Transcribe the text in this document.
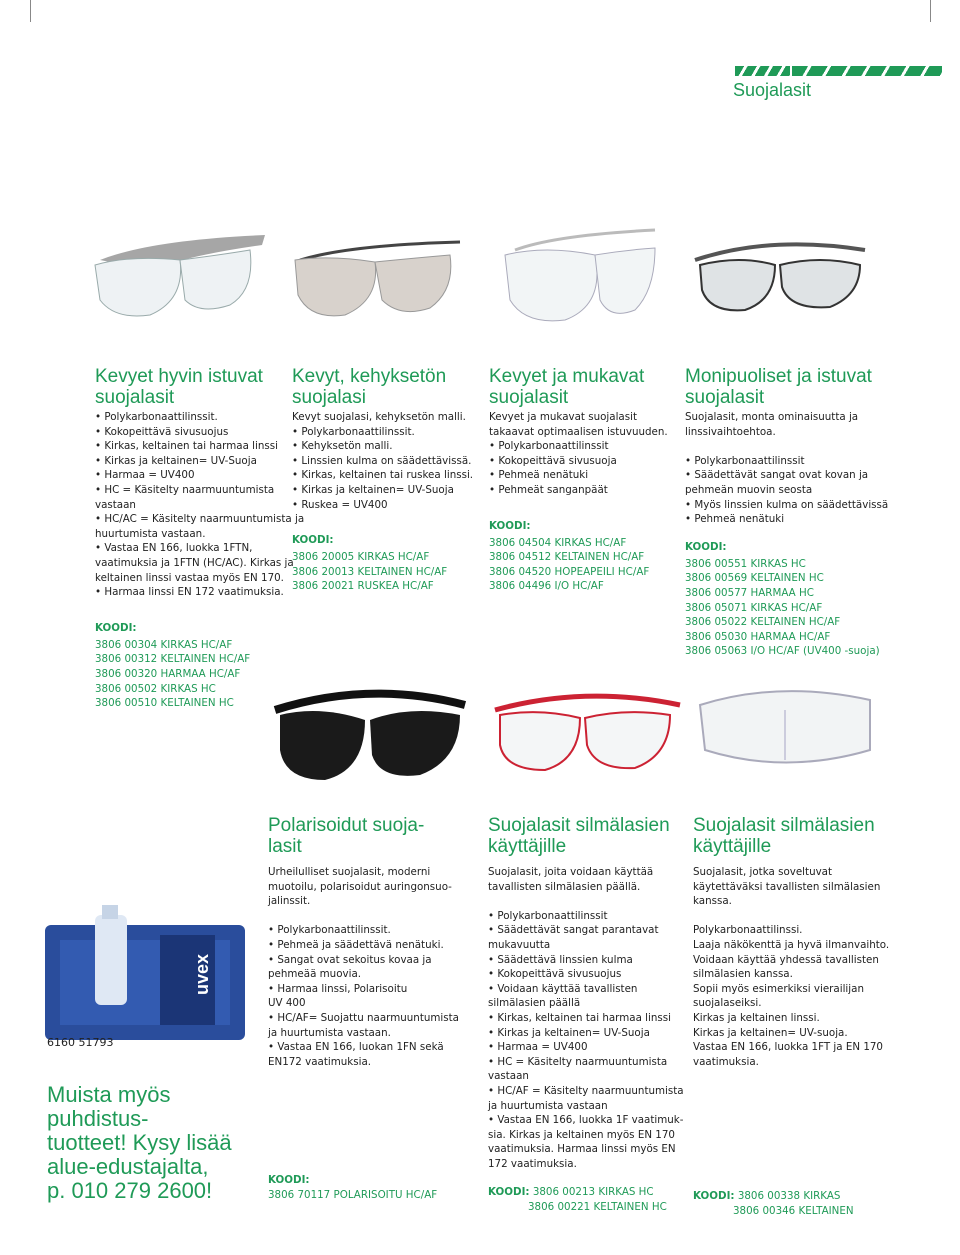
Suojalasit
Kevyet hyvin istuvat
suojalasit
• Polykarbonaattilinssit.
• Kokopeittävä sivusuojus
• Kirkas, keltainen tai harmaa linssi
• Kirkas ja keltainen= UV-Suoja
• Harmaa = UV400
• HC = Käsitelty naarmuuntumista
vastaan
• HC/AC = Käsitelty naarmuuntumista ja
huurtumista vastaan.
• Vastaa EN 166, luokka 1FTN,
vaatimuksia ja 1FTN (HC/AC). Kirkas ja
keltainen linssi vastaa myös EN 170.
• Harmaa linssi EN 172 vaatimuksia.
KOODI:
3806 00304 KIRKAS HC/AF
3806 00312 KELTAINEN HC/AF
3806 00320 HARMAA HC/AF
3806 00502 KIRKAS HC
3806 00510 KELTAINEN HC
Kevyt, kehyksetön
suojalasi
Kevyt suojalasi, kehyksetön malli.
• Polykarbonaattilinssit.
• Kehyksetön malli.
• Linssien kulma on säädettävissä.
• Kirkas, keltainen tai ruskea linssi.
• Kirkas ja keltainen= UV-Suoja
• Ruskea = UV400
KOODI:
3806 20005 KIRKAS HC/AF
3806 20013 KELTAINEN HC/AF
3806 20021 RUSKEA HC/AF
Kevyet ja mukavat
suojalasit
Kevyet ja mukavat suojalasit
takaavat optimaalisen istuvuuden.
• Polykarbonaattilinssit
• Kokopeittävä sivusuoja
• Pehmeä nenätuki
• Pehmeät sanganpäät
KOODI:
3806 04504 KIRKAS HC/AF
3806 04512 KELTAINEN HC/AF
3806 04520 HOPEAPEILI HC/AF
3806 04496 I/O HC/AF
Monipuoliset ja istuvat
suojalasit
Suojalasit, monta ominaisuutta ja
linssivaihtoehtoa.
• Polykarbonaattilinssit
• Säädettävät sangat ovat kovan ja
pehmeän muovin seosta
• Myös linssien kulma on säädettävissä
• Pehmeä nenätuki
KOODI:
3806 00551 KIRKAS HC
3806 00569 KELTAINEN HC
3806 00577 HARMAA HC
3806 05071 KIRKAS HC/AF
3806 05022 KELTAINEN HC/AF
3806 05030 HARMAA HC/AF
3806 05063 I/O HC/AF (UV400 -suoja)
uvex
6160 51793
Muista myös puhdistus-
tuotteet! Kysy lisää
alue-edustajalta,
p. 010 279 2600!
Polarisoidut suoja-
lasit
Urheilulliset suojalasit, moderni
muotoilu, polarisoidut auringonsuo-
jalinssit.
• Polykarbonaattilinssit.
• Pehmeä ja säädettävä nenätuki.
• Sangat ovat sekoitus kovaa ja
pehmeää muovia.
• Harmaa linssi, Polarisoitu
UV 400
• HC/AF= Suojattu naarmuuntumista
ja huurtumista vastaan.
• Vastaa EN 166, luokan 1FN sekä
EN172 vaatimuksia.
KOODI:
3806 70117 POLARISOITU HC/AF
Suojalasit silmälasien
käyttäjille
Suojalasit, joita voidaan käyttää
tavallisten silmälasien päällä.
• Polykarbonaattilinssit
• Säädettävät sangat parantavat
mukavuutta
• Säädettävä linssien kulma
• Kokopeittävä sivusuojus
• Voidaan käyttää tavallisten
silmälasien päällä
• Kirkas, keltainen tai harmaa linssi
• Kirkas ja keltainen= UV-Suoja
• Harmaa = UV400
• HC = Käsitelty naarmuuntumista
vastaan
• HC/AF = Käsitelty naarmuuntumista
ja huurtumista vastaan
• Vastaa EN 166, luokka 1F vaatimuk-
sia. Kirkas ja keltainen myös EN 170
vaatimuksia. Harmaa linssi myös EN
172 vaatimuksia.
KOODI: 3806 00213 KIRKAS HC
3806 00221 KELTAINEN HC
Suojalasit silmälasien
käyttäjille
Suojalasit, jotka soveltuvat
käytettäväksi tavallisten silmälasien
kanssa.
Polykarbonaattilinssi.
Laaja näkökenttä ja hyvä ilmanvaihto.
Voidaan käyttää yhdessä tavallisten
silmälasien kanssa.
Sopii myös esimerkiksi vierailijan
suojalaseiksi.
Kirkas ja keltainen linssi.
Kirkas ja keltainen= UV-suoja.
Vastaa EN 166, luokka 1FT ja EN 170
vaatimuksia.
KOODI: 3806 00338 KIRKAS
3806 00346 KELTAINEN
